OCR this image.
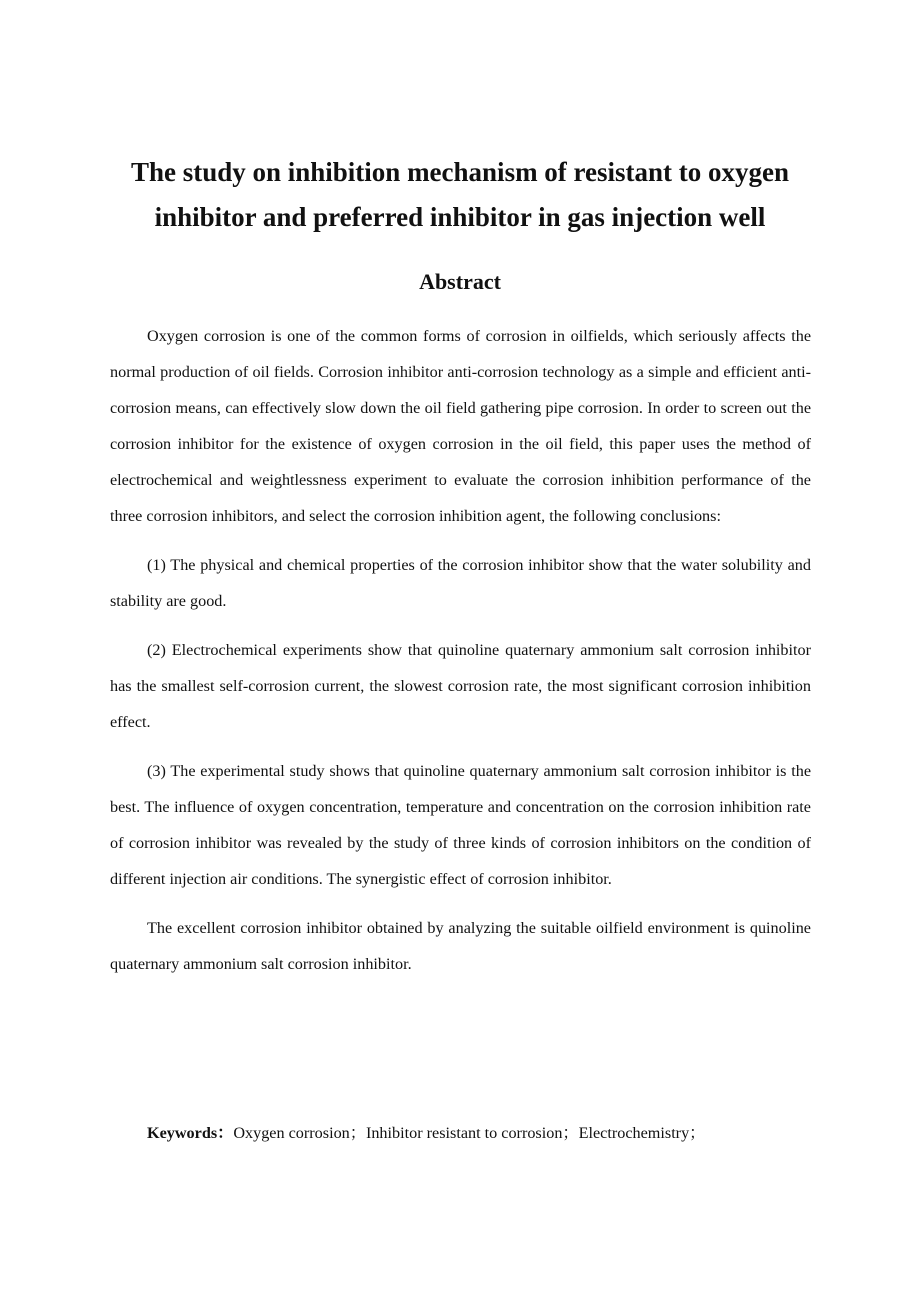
The study on inhibition mechanism of resistant to oxygen
inhibitor and preferred inhibitor in gas injection well
Abstract

Oxygen corrosion is one of the common forms of corrosion in oilfields, which seriously affects the normal production of oil fields. Corrosion inhibitor anti-corrosion technology as a simple and efficient anti-corrosion means, can effectively slow down the oil field gathering pipe corrosion. In order to screen out the corrosion inhibitor for the existence of oxygen corrosion in the oil field, this paper uses the method of electrochemical and weightlessness experiment to evaluate the corrosion inhibition performance of the three corrosion inhibitors, and select the corrosion inhibition agent, the following conclusions:

(1) The physical and chemical properties of the corrosion inhibitor show that the water solubility and stability are good.

(2) Electrochemical experiments show that quinoline quaternary ammonium salt corrosion inhibitor has the smallest self-corrosion current, the slowest corrosion rate, the most significant corrosion inhibition effect.

(3) The experimental study shows that quinoline quaternary ammonium salt corrosion inhibitor is the best. The influence of oxygen concentration, temperature and concentration on the corrosion inhibition rate of corrosion inhibitor was revealed by the study of three kinds of corrosion inhibitors on the condition of different injection air conditions. The synergistic effect of corrosion inhibitor.

The excellent corrosion inhibitor obtained by analyzing the suitable oilfield environment is quinoline quaternary ammonium salt corrosion inhibitor.

Keywords：Oxygen corrosion；Inhibitor resistant to corrosion；Electrochemistry；
